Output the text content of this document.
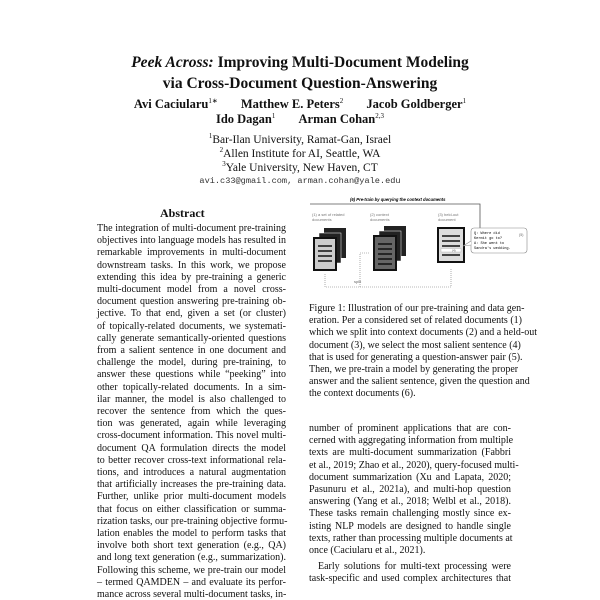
Peek Across: Improving Multi-Document Modeling
via Cross-Document Question-Answering
Avi Caciularu$^{1∗}$ Matthew E. Peters$^2$ Jacob Goldberger$^1$
Ido Dagan$^1$ Arman Cohan$^{2,3}$
$^1$Bar-Ilan University, Ramat-Gan, Israel
$^2$Allen Institute for AI, Seattle, WA
$^3$Yale University, New Haven, CT
avi.c33@gmail.com, arman.cohan@yale.edu
Abstract
(6) Pre-train by querying the context documents
(1) a set of related
documents
(2) context
documents
(3) held-out
document
(4)
Q: Where did
Kermit go to?
A: She went to
Sandra's wedding.
(5)
split
The integration of multi-document pre-training
objectives into language models has resulted in
remarkable improvements in multi-document
downstream tasks. In this work, we propose
extending this idea by pre-training a generic
multi-document model from a novel cross-
document question answering pre-training ob-
jective. To that end, given a set (or cluster)
of topically-related documents, we systemati-
cally generate semantically-oriented questions
from a salient sentence in one document and
challenge the model, during pre-training, to
answer these questions while “peeking” into
other topically-related documents. In a sim-
ilar manner, the model is also challenged to
recover the sentence from which the ques-
tion was generated, again while leveraging
cross-document information. This novel multi-
document QA formulation directs the model
to better recover cross-text informational rela-
tions, and introduces a natural augmentation
that artificially increases the pre-training data.
Further, unlike prior multi-document models
that focus on either classification or summa-
rization tasks, our pre-training objective formu-
lation enables the model to perform tasks that
involve both short text generation (e.g., QA)
and long text generation (e.g., summarization).
Following this scheme, we pre-train our model
– termed QAMDEN – and evaluate its perfor-
mance across several multi-document tasks, in-
Figure 1: Illustration of our pre-training and data gen-
eration. Per a considered set of related documents (1)
which we split into context documents (2) and a held-out
document (3), we select the most salient sentence (4)
that is used for generating a question-answer pair (5).
Then, we pre-train a model by generating the proper
answer and the salient sentence, given the question and
the context documents (6).
number of prominent applications that are con-
cerned with aggregating information from multiple
texts are multi-document summarization (Fabbri
et al., 2019; Zhao et al., 2020), query-focused multi-
document summarization (Xu and Lapata, 2020;
Pasunuru et al., 2021a), and multi-hop question
answering (Yang et al., 2018; Welbl et al., 2018).
These tasks remain challenging mostly since ex-
isting NLP models are designed to handle single
texts, rather than processing multiple documents at
once (Caciularu et al., 2021).
Early solutions for multi-text processing were
task-specific and used complex architectures that
